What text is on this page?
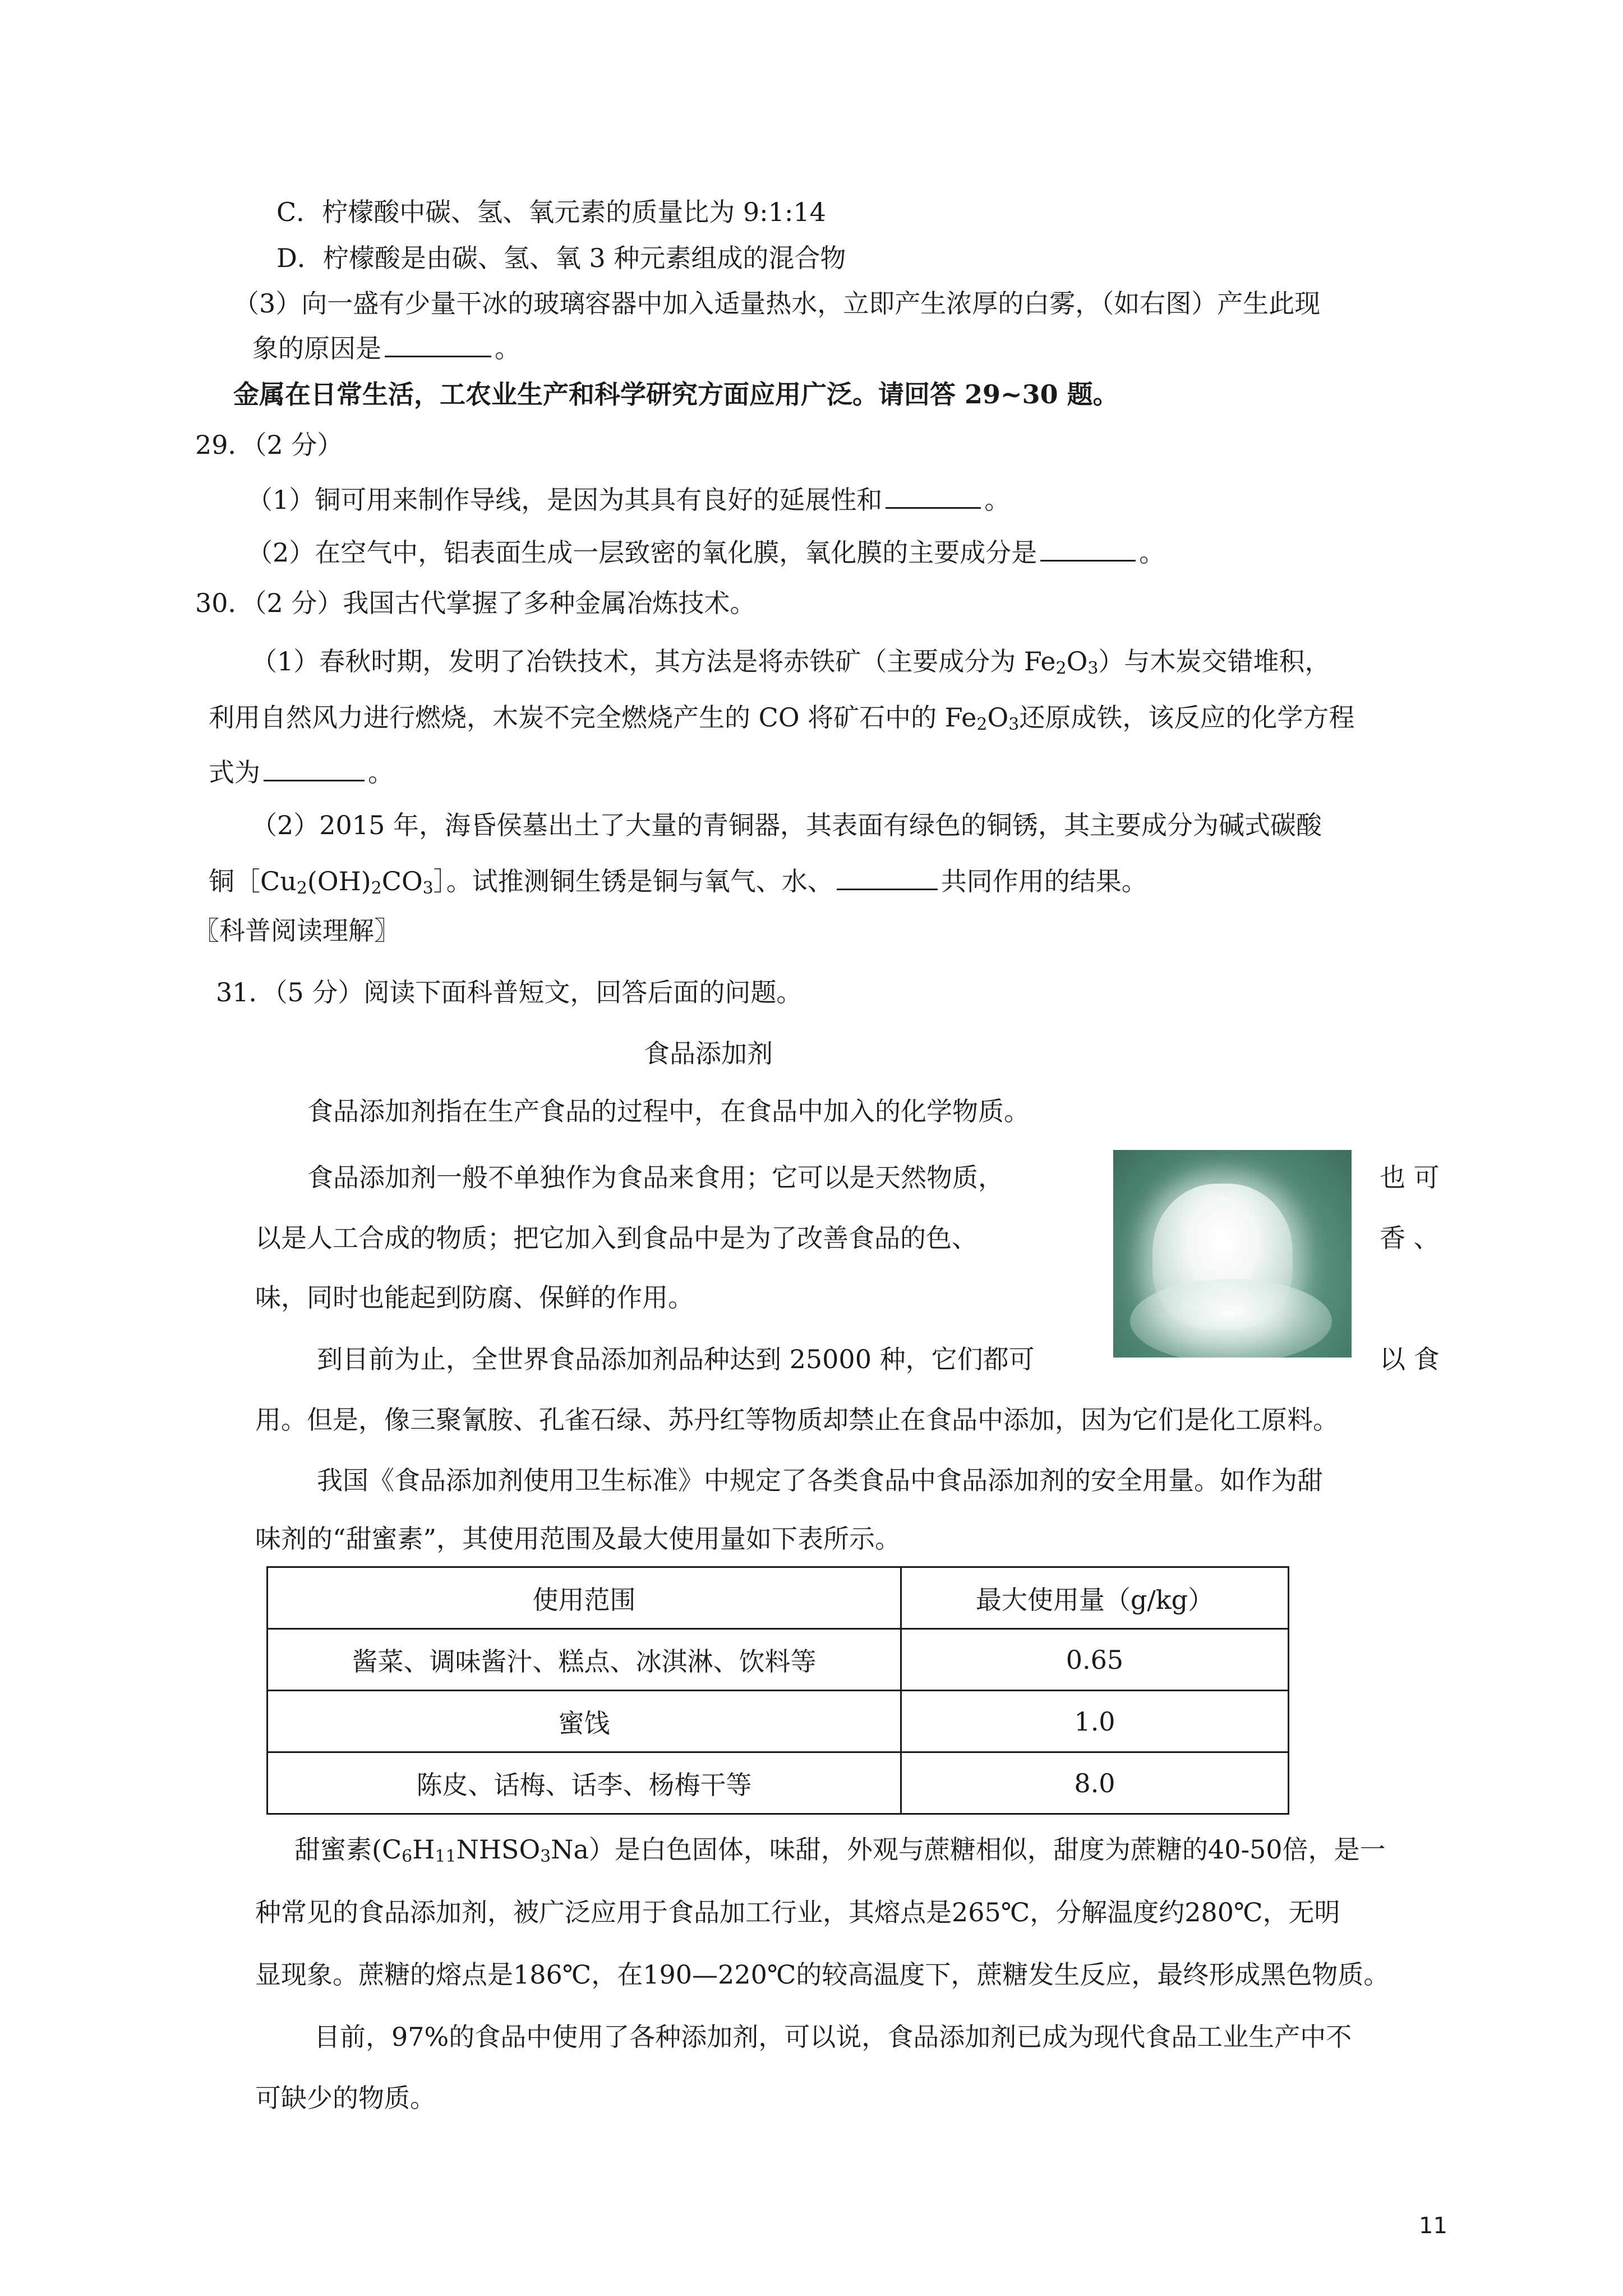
C．柠檬酸中碳、氢、氧元素的质量比为 9:1:14
D．柠檬酸是由碳、氢、氧 3 种元素组成的混合物
（3）向一盛有少量干冰的玻璃容器中加入适量热水，立即产生浓厚的白雾，（如右图）产生此现
象的原因是	。
金属在日常生活，工农业生产和科学研究方面应用广泛。请回答 29~30 题。
29．（2 分）
（1）铜可用来制作导线，是因为其具有良好的延展性和	。
（2）在空气中，铝表面生成一层致密的氧化膜，氧化膜的主要成分是	。
30．（2 分）我国古代掌握了多种金属冶炼技术。
（1）春秋时期，发明了冶铁技术，其方法是将赤铁矿（主要成分为 $Fe_2O_3$）与木炭交错堆积，
利用自然风力进行燃烧，木炭不完全燃烧产生的 CO 将矿石中的 $Fe_2O_3$还原成铁，该反应的化学方程
式为	。
（2）2015 年，海昏侯墓出土了大量的青铜器，其表面有绿色的铜锈，其主要成分为碱式碳酸
铜$[Cu_2(OH)_2CO_3]$。试推测铜生锈是铜与氧气、水、	共同作用的结果。
〖科普阅读理解〗
31．（5 分）阅读下面科普短文，回答后面的问题。
食品添加剂
食品添加剂指在生产食品的过程中，在食品中加入的化学物质。
食品添加剂一般不单独作为食品来食用；它可以是天然物质，	也 可
以是人工合成的物质；把它加入到食品中是为了改善食品的色、	香 、
味，同时也能起到防腐、保鲜的作用。
到目前为止，全世界食品添加剂品种达到 25000 种，它们都可	以 食
用。但是，像三聚氰胺、孔雀石绿、苏丹红等物质却禁止在食品中添加，因为它们是化工原料。
我国《食品添加剂使用卫生标准》中规定了各类食品中食品添加剂的安全用量。如作为甜
味剂的“甜蜜素”，其使用范围及最大使用量如下表所示。
使用范围	最大使用量（g/kg）
酱菜、调味酱汁、糕点、冰淇淋、饮料等	0.65
蜜饯	1.0
陈皮、话梅、话李、杨梅干等	8.0
甜蜜素$(C_6H_{11}NHSO_3Na)$是白色固体，味甜，外观与蔗糖相似，甜度为蔗糖的40-50倍，是一
种常见的食品添加剂，被广泛应用于食品加工行业，其熔点是265℃，分解温度约280℃，无明
显现象。蔗糖的熔点是186℃，在190—220℃的较高温度下，蔗糖发生反应，最终形成黑色物质。
目前，97%的食品中使用了各种添加剂，可以说，食品添加剂已成为现代食品工业生产中不
可缺少的物质。
11
